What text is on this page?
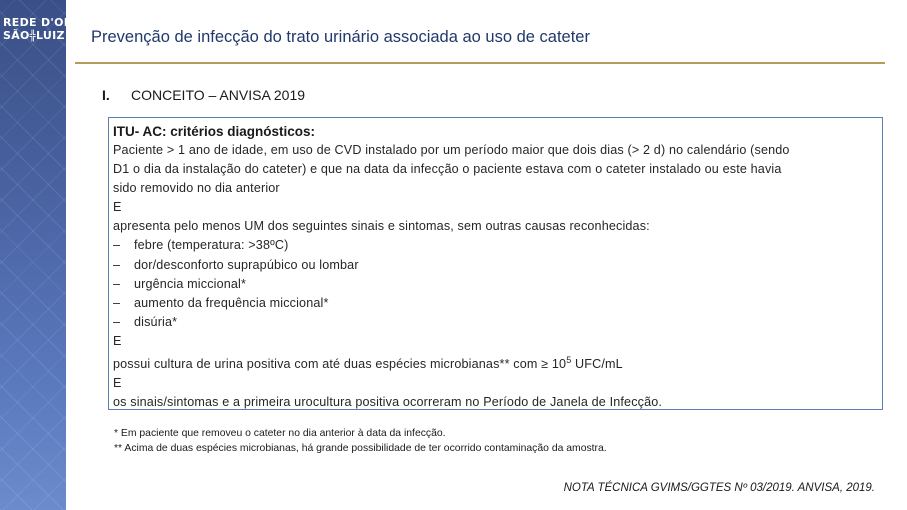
REDE D'OR
SÃO╬LUIZ Prevenção de infecção do trato urinário associada ao uso de cateter
I. CONCEITO – ANVISA 2019
ITU- AC: critérios diagnósticos:
Paciente > 1 ano de idade, em uso de CVD instalado por um período maior que dois dias (> 2 d) no calendário (sendo
D1 o dia da instalação do cateter) e que na data da infecção o paciente estava com o cateter instalado ou este havia
sido removido no dia anterior
E
apresenta pelo menos UM dos seguintes sinais e sintomas, sem outras causas reconhecidas:
– febre (temperatura: >38ºC)
– dor/desconforto suprapúbico ou lombar
– urgência miccional*
– aumento da frequência miccional*
– disúria*
E
possui cultura de urina positiva com até duas espécies microbianas** com ≥ $10^5$ UFC/mL
E
os sinais/sintomas e a primeira urocultura positiva ocorreram no Período de Janela de Infecção.
* Em paciente que removeu o cateter no dia anterior à data da infecção.
** Acima de duas espécies microbianas, há grande possibilidade de ter ocorrido contaminação da amostra.
NOTA TÉCNICA GVIMS/GGTES Nº 03/2019. ANVISA, 2019.
